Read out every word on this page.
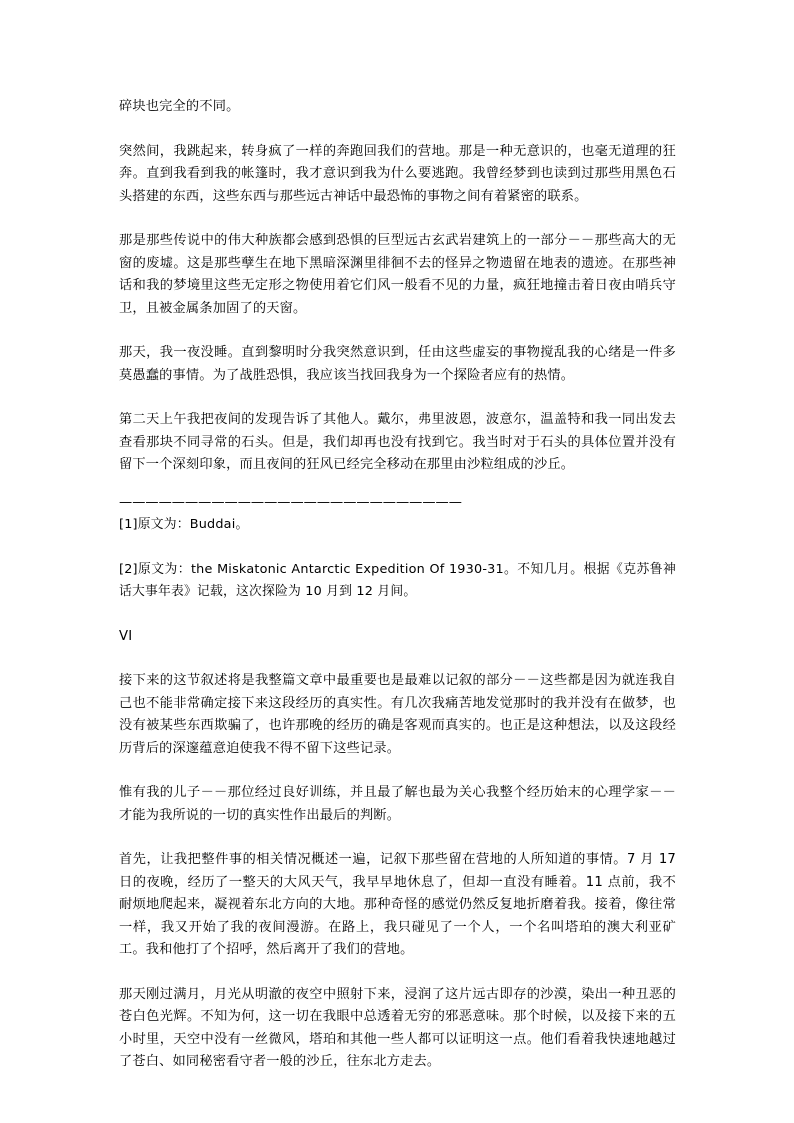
碎块也完全的不同。

突然间，我跳起来，转身疯了一样的奔跑回我们的营地。那是一种无意识的，也毫无道理的狂奔。直到我看到我的帐篷时，我才意识到我为什么要逃跑。我曾经梦到也读到过那些用黑色石头搭建的东西，这些东西与那些远古神话中最恐怖的事物之间有着紧密的联系。

那是那些传说中的伟大种族都会感到恐惧的巨型远古玄武岩建筑上的一部分－－那些高大的无窗的废墟。这是那些孽生在地下黑暗深渊里徘徊不去的怪异之物遗留在地表的遗迹。在那些神话和我的梦境里这些无定形之物使用着它们风一般看不见的力量，疯狂地撞击着日夜由哨兵守卫，且被金属条加固了的天窗。

那天，我一夜没睡。直到黎明时分我突然意识到，任由这些虚妄的事物搅乱我的心绪是一件多莫愚蠢的事情。为了战胜恐惧，我应该当找回我身为一个探险者应有的热情。

第二天上午我把夜间的发现告诉了其他人。戴尔，弗里波恩，波意尔，温盖特和我一同出发去查看那块不同寻常的石头。但是，我们却再也没有找到它。我当时对于石头的具体位置并没有留下一个深刻印象，而且夜间的狂风已经完全移动在那里由沙粒组成的沙丘。

——————————————————————————

[1]原文为：Buddai。

[2]原文为：the Miskatonic Antarctic Expedition Of 1930-31。不知几月。根据《克苏鲁神话大事年表》记载，这次探险为 10 月到 12 月间。

VI

接下来的这节叙述将是我整篇文章中最重要也是最难以记叙的部分－－这些都是因为就连我自己也不能非常确定接下来这段经历的真实性。有几次我痛苦地发觉那时的我并没有在做梦，也没有被某些东西欺骗了，也许那晚的经历的确是客观而真实的。也正是这种想法，以及这段经历背后的深邃蕴意迫使我不得不留下这些记录。

惟有我的儿子－－那位经过良好训练，并且最了解也最为关心我整个经历始末的心理学家－－才能为我所说的一切的真实性作出最后的判断。

首先，让我把整件事的相关情况概述一遍，记叙下那些留在营地的人所知道的事情。7 月 17 日的夜晚，经历了一整天的大风天气，我早早地休息了，但却一直没有睡着。11 点前，我不耐烦地爬起来，凝视着东北方向的大地。那种奇怪的感觉仍然反复地折磨着我。接着，像往常一样，我又开始了我的夜间漫游。在路上，我只碰见了一个人，一个名叫塔珀的澳大利亚矿工。我和他打了个招呼，然后离开了我们的营地。

那天刚过满月，月光从明澈的夜空中照射下来，浸润了这片远古即存的沙漠，染出一种丑恶的苍白色光辉。不知为何，这一切在我眼中总透着无穷的邪恶意味。那个时候，以及接下来的五小时里，天空中没有一丝微风，塔珀和其他一些人都可以证明这一点。他们看着我快速地越过了苍白、如同秘密看守者一般的沙丘，往东北方走去。
